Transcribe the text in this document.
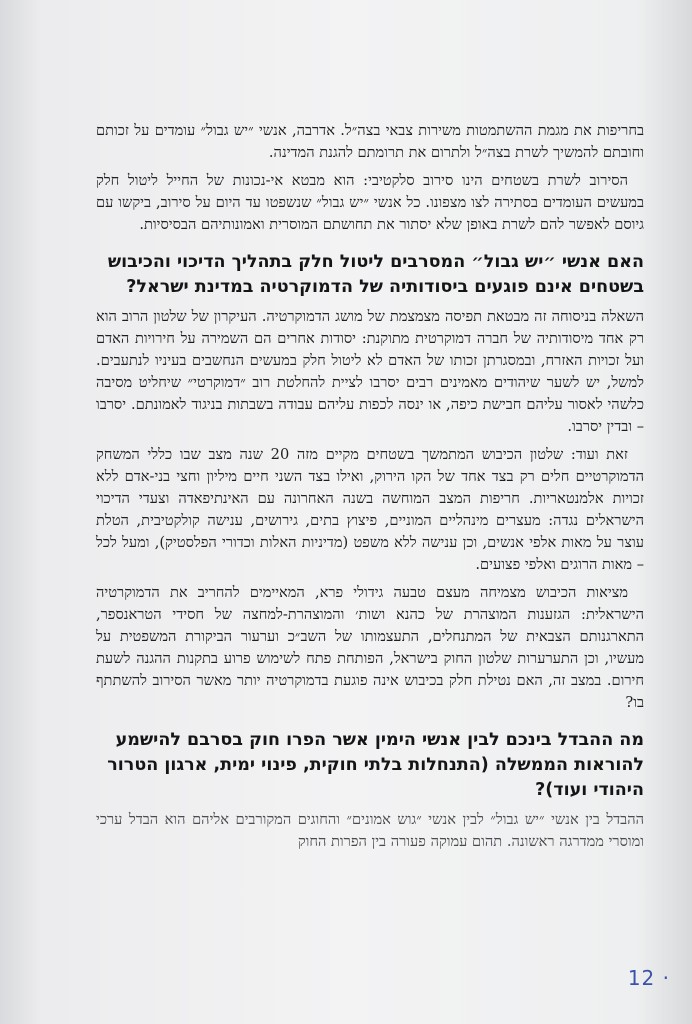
בחריפות את מגמת ההשתמטות משירות צבאי בצה״ל. אדרבה, אנשי ״יש גבול״ עומדים על זכותם וחובתם להמשיך לשרת בצה״ל ולתרום את תרומתם להגנת המדינה.

הסירוב לשרת בשטחים הינו סירוב סלקטיבי: הוא מבטא אי-נכונות של החייל ליטול חלק במעשים העומדים בסתירה לצו מצפונו. כל אנשי ״יש גבול״ שנשפטו עד היום על סירוב, ביקשו עם גיוסם לאפשר להם לשרת באופן שלא יסתור את תחושתם המוסרית ואמונותיהם הבסיסיות.

האם אנשי ״יש גבול״ המסרבים ליטול חלק בתהליך הדיכוי והכיבוש בשטחים אינם פוגעים ביסודותיה של הדמוקרטיה במדינת ישראל?

השאלה בניסוחה זה מבטאת תפיסה מצמצמת של מושג הדמוקרטיה. העיקרון של שלטון הרוב הוא רק אחד מיסודותיה של חברה דמוקרטית מתוקנת: יסודות אחרים הם השמירה על חירויות האדם ועל זכויות האזרח, ובמסגרתן זכותו של האדם לא ליטול חלק במעשים הנחשבים בעיניו לנתעבים. למשל, יש לשער שיהודים מאמינים רבים יסרבו לציית להחלטת רוב ״דמוקרטי״ שיחליט מסיבה כלשהי לאסור עליהם חבישת כיפה, או ינסה לכפות עליהם עבודה בשבתות בניגוד לאמונתם. יסרבו – ובדין יסרבו.

זאת ועוד: שלטון הכיבוש המתמשך בשטחים מקיים מזה 20 שנה מצב שבו כללי המשחק הדמוקרטיים חלים רק בצד אחד של הקו הירוק, ואילו בצד השני חיים מיליון וחצי בני-אדם ללא זכויות אלמנטאריות. חריפות המצב המוחשה בשנה האחרונה עם האינתיפאדה וצעדי הדיכוי הישראלים נגדה: מעצרים מינהליים המוניים, פיצוץ בתים, גירושים, ענישה קולקטיבית, הטלת עוצר על מאות אלפי אנשים, וכן ענישה ללא משפט (מדיניות האלות וכדורי הפלסטיק), ומעל לכל – מאות הרוגים ואלפי פצועים.

מציאות הכיבוש מצמיחה מעצם טבעה גידולי פרא, המאיימים להחריב את הדמוקרטיה הישראלית: הגזענות המוצהרת של כהנא ושות׳ והמוצהרת-למחצה של חסידי הטראנספר, התארגנותם הצבאית של המתנחלים, התעצמותו של השב״כ וערעור הביקורת המשפטית על מעשיו, וכן התערערות שלטון החוק בישראל, הפותחת פתח לשימוש פרוע בתקנות ההגנה לשעת חירום. במצב זה, האם נטילת חלק בכיבוש אינה פוגעת בדמוקרטיה יותר מאשר הסירוב להשתתף בו?

מה ההבדל בינכם לבין אנשי הימין אשר הפרו חוק בסרבם להישמע להוראות הממשלה (התנחלות בלתי חוקית, פינוי ימית, ארגון הטרור היהודי ועוד)?

ההבדל בין אנשי ״יש גבול״ לבין אנשי ״גוש אמונים״ והחוגים המקורבים אליהם הוא הבדל ערכי ומוסרי ממדרגה ראשונה. תהום עמוקה פעורה בין הפרות החוק

12 ·
